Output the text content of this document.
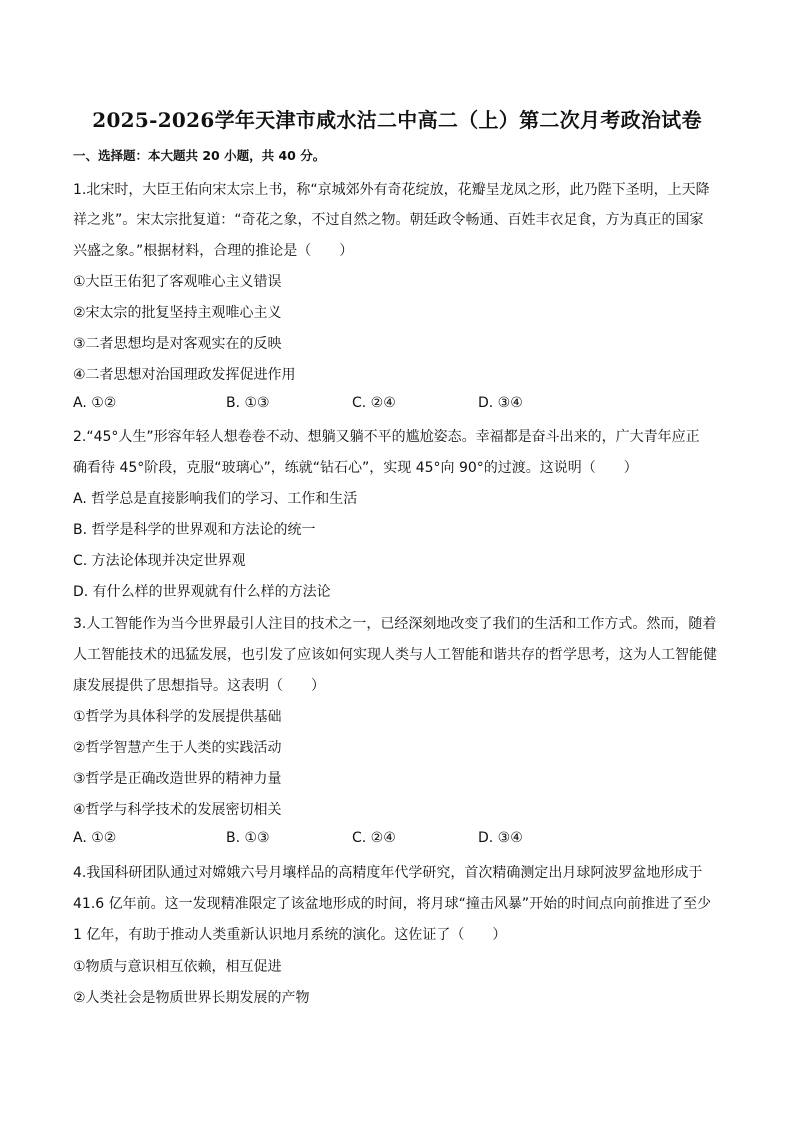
2025-2026学年天津市咸水沽二中高二（上）第二次月考政治试卷
一、选择题：本大题共 20 小题，共 40 分。
1.北宋时，大臣王佑向宋太宗上书，称“京城郊外有奇花绽放，花瓣呈龙凤之形，此乃陛下圣明，上天降
祥之兆”。宋太宗批复道：“奇花之象，不过自然之物。朝廷政令畅通、百姓丰衣足食，方为真正的国家
兴盛之象。”根据材料，合理的推论是（　　）
①大臣王佑犯了客观唯心主义错误
②宋太宗的批复坚持主观唯心主义
③二者思想均是对客观实在的反映
④二者思想对治国理政发挥促进作用
A. ①②	B. ①③	C. ②④	D. ③④
2.“45°人生”形容年轻人想卷卷不动、想躺又躺不平的尴尬姿态。幸福都是奋斗出来的，广大青年应正
确看待 45°阶段，克服“玻璃心”，练就“钻石心”，实现 45°向 90°的过渡。这说明（　　）
A. 哲学总是直接影响我们的学习、工作和生活
B. 哲学是科学的世界观和方法论的统一
C. 方法论体现并决定世界观
D. 有什么样的世界观就有什么样的方法论
3.人工智能作为当今世界最引人注目的技术之一，已经深刻地改变了我们的生活和工作方式。然而，随着
人工智能技术的迅猛发展，也引发了应该如何实现人类与人工智能和谐共存的哲学思考，这为人工智能健
康发展提供了思想指导。这表明（　　）
①哲学为具体科学的发展提供基础
②哲学智慧产生于人类的实践活动
③哲学是正确改造世界的精神力量
④哲学与科学技术的发展密切相关
A. ①②	B. ①③	C. ②④	D. ③④
4.我国科研团队通过对嫦娥六号月壤样品的高精度年代学研究，首次精确测定出月球阿波罗盆地形成于
41.6 亿年前。这一发现精准限定了该盆地形成的时间，将月球“撞击风暴”开始的时间点向前推进了至少
1 亿年，有助于推动人类重新认识地月系统的演化。这佐证了（　　）
①物质与意识相互依赖，相互促进
②人类社会是物质世界长期发展的产物
